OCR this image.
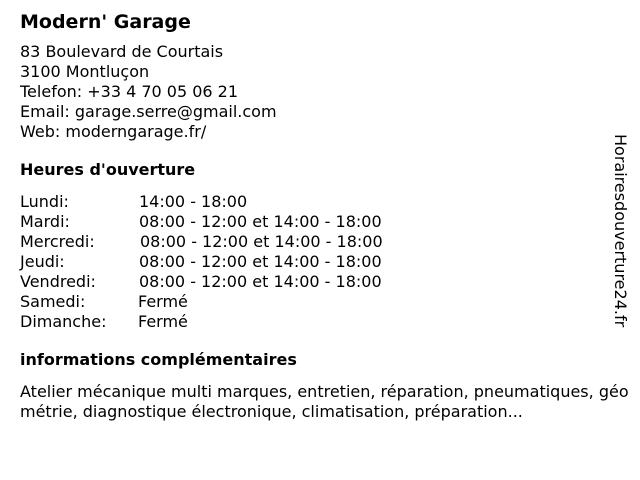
Modern' Garage
83 Boulevard de Courtais
3100 Montluçon
Telefon: +33 4 70 05 06 21
Email: garage.serre@gmail.com
Web: moderngarage.fr/
Heures d'ouverture
Lundi:	14:00 - 18:00
Mardi:	08:00 - 12:00 et 14:00 - 18:00
Mercredi:	08:00 - 12:00 et 14:00 - 18:00
Jeudi:	08:00 - 12:00 et 14:00 - 18:00
Vendredi:	08:00 - 12:00 et 14:00 - 18:00
Samedi:	Fermé
Dimanche:	Fermé
informations complémentaires
Atelier mécanique multi marques, entretien, réparation, pneumatiques, géométrie, diagnostique électronique, climatisation, préparation...
Horairesdouverture24.fr
